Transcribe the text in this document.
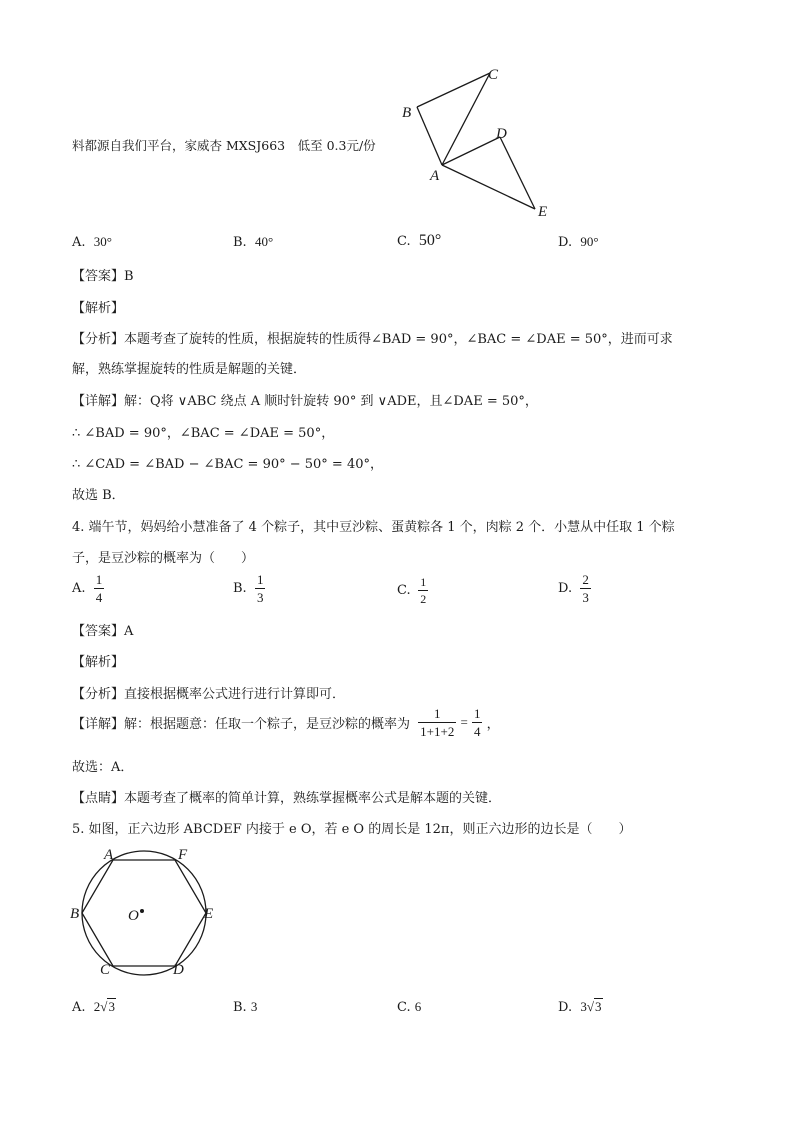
料都源自我们平台，家威杏 MXSJ663　低至 0.3元/份
B
C
D
A
E
A. 30°	B. 40°	C. 50°	D. 90°
【答案】B
【解析】
【分析】本题考查了旋转的性质，根据旋转的性质得∠BAD = 90°，∠BAC = ∠DAE = 50°，进而可求
解，熟练掌握旋转的性质是解题的关键．
【详解】解：Q将 ∨ABC 绕点 A 顺时针旋转 90° 到 ∨ADE，且∠DAE = 50°，
∴ ∠BAD = 90°，∠BAC = ∠DAE = 50°，
∴ ∠CAD = ∠BAD − ∠BAC = 90° − 50° = 40°，
故选 B．
4. 端午节，妈妈给小慧准备了 4 个粽子，其中豆沙粽、蛋黄粽各 1 个，肉粽 2 个．小慧从中任取 1 个粽
子，是豆沙粽的概率为（　　）
A. $\frac{1}{4}$	B. $\frac{1}{3}$	C. $\frac{1}{2}$	D. $\frac{2}{3}$
【答案】A
【解析】
【分析】直接根据概率公式进行进行计算即可．
【详解】解：根据题意：任取一个粽子，是豆沙粽的概率为 $\frac{1}{1+1+2} = \frac{1}{4}$ ，
故选：A．
【点睛】本题考查了概率的简单计算，熟练掌握概率公式是解本题的关键．
5. 如图，正六边形 ABCDEF 内接于 e O，若 e O 的周长是 12π，则正六边形的边长是（　　）
A	F
B	E
O
C	D
A. 2√3	B. 3	C. 6	D. 3√3
